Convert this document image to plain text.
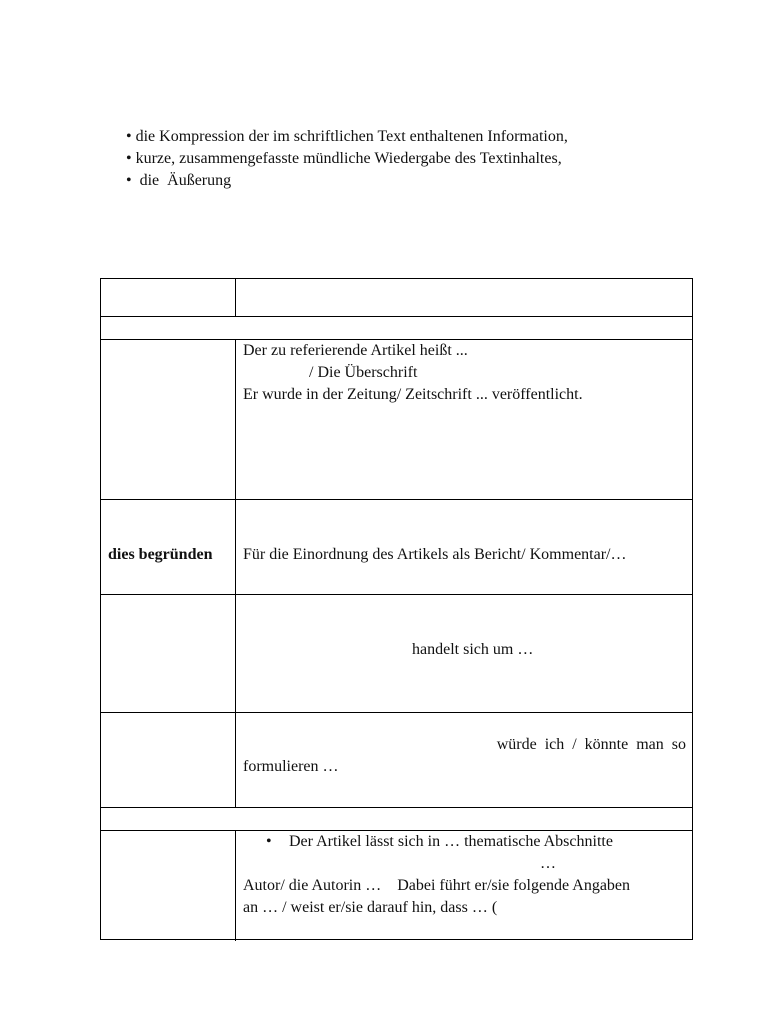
• die Kompression der im schriftlichen Text enthaltenen Information,
• kurze, zusammengefasste mündliche Wiedergabe des Textinhaltes,
•  die  Äußerung
Der zu referierende Artikel heißt ...
/ Die Überschrift
Er wurde in der Zeitung/ Zeitschrift ... veröffentlicht.
dies begründen Für die Einordnung des Artikels als Bericht/ Kommentar/…
handelt sich um …
würde  ich  /  könnte  man  so
formulieren …
• Der Artikel lässt sich in … thematische Abschnitte
…
Autor/ die Autorin …    Dabei führt er/sie folgende Angaben
an … / weist er/sie darauf hin, dass … (
